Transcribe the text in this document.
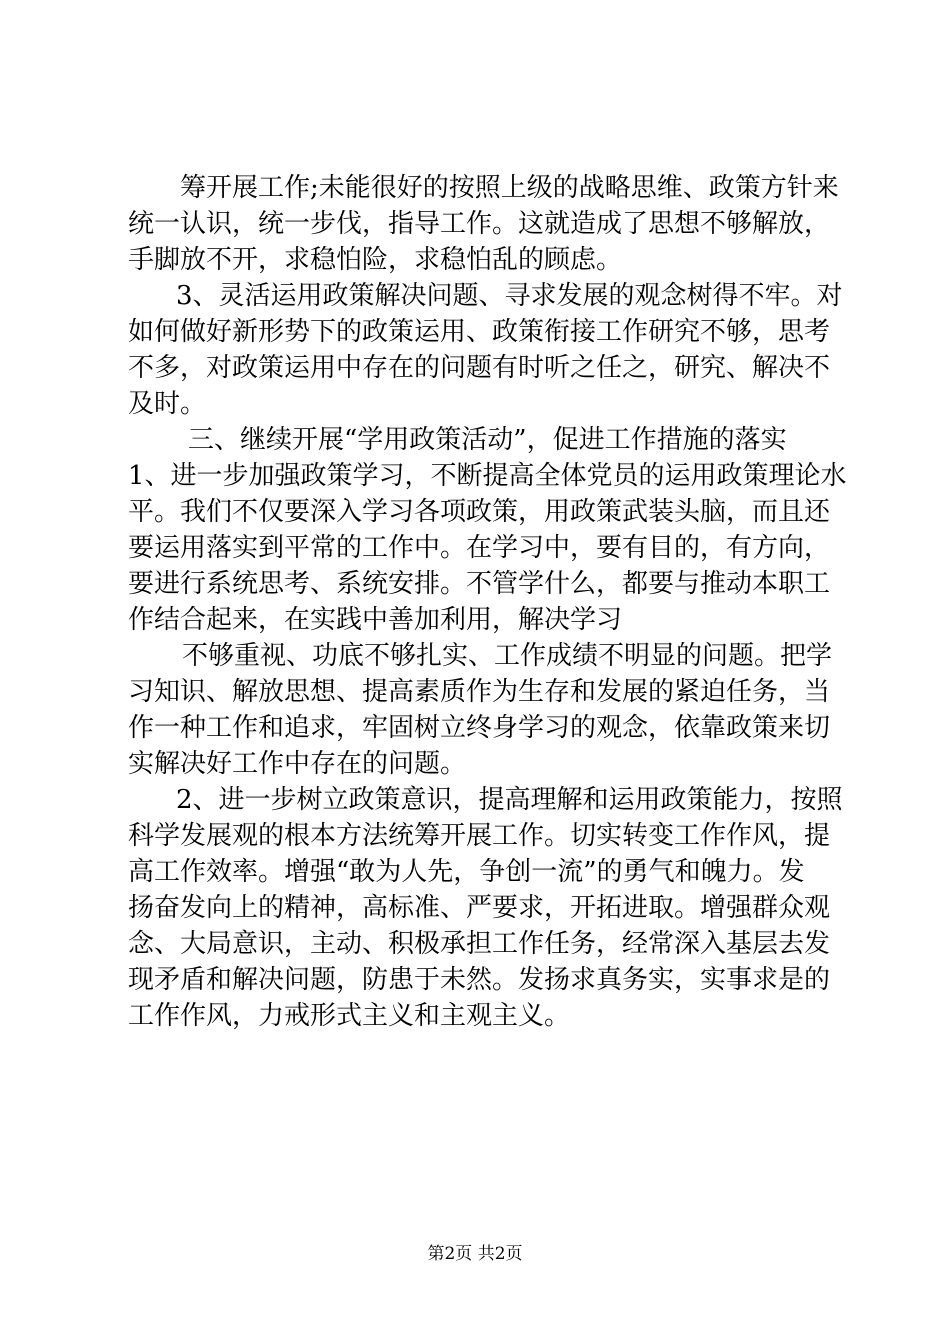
筹开展工作;未能很好的按照上级的战略思维、政策方针来
统一认识，统一步伐，指导工作。这就造成了思想不够解放，
手脚放不开，求稳怕险，求稳怕乱的顾虑。
3、灵活运用政策解决问题、寻求发展的观念树得不牢。对
如何做好新形势下的政策运用、政策衔接工作研究不够，思考
不多，对政策运用中存在的问题有时听之任之，研究、解决不
及时。
三、继续开展“学用政策活动”，促进工作措施的落实
1、进一步加强政策学习，不断提高全体党员的运用政策理论水
平。我们不仅要深入学习各项政策，用政策武装头脑，而且还
要运用落实到平常的工作中。在学习中，要有目的，有方向，
要进行系统思考、系统安排。不管学什么，都要与推动本职工
作结合起来，在实践中善加利用，解决学习
不够重视、功底不够扎实、工作成绩不明显的问题。把学
习知识、解放思想、提高素质作为生存和发展的紧迫任务，当
作一种工作和追求，牢固树立终身学习的观念，依靠政策来切
实解决好工作中存在的问题。
2、进一步树立政策意识，提高理解和运用政策能力，按照
科学发展观的根本方法统筹开展工作。切实转变工作作风，提
高工作效率。增强“敢为人先，争创一流”的勇气和魄力。发
扬奋发向上的精神，高标准、严要求，开拓进取。增强群众观
念、大局意识，主动、积极承担工作任务，经常深入基层去发
现矛盾和解决问题，防患于未然。发扬求真务实，实事求是的
工作作风，力戒形式主义和主观主义。
第2页 共2页
